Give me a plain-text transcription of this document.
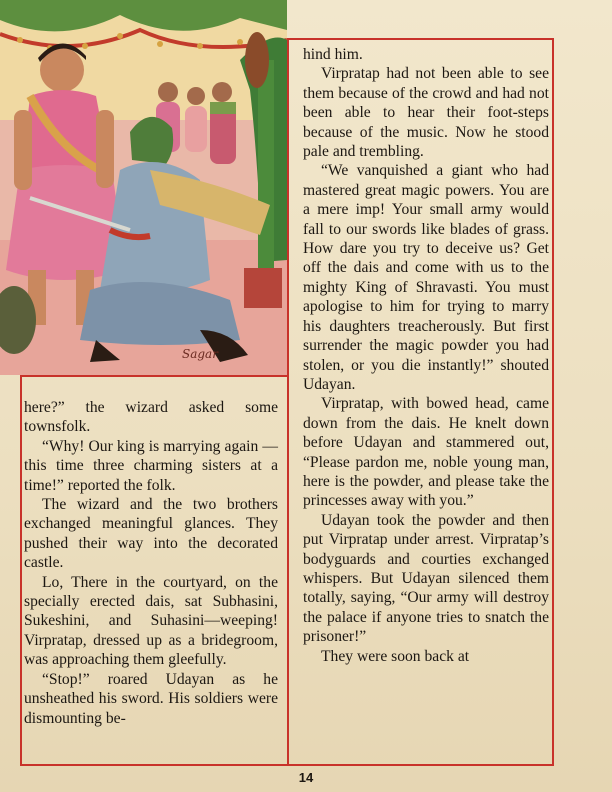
Sagar

here?” the wizard asked some townsfolk.

“Why! Our king is marrying again —this time three charming sisters at a time!” reported the folk.

The wizard and the two brothers exchanged meaningful glances. They pushed their way into the decorated castle.

Lo, There in the courtyard, on the specially erected dais, sat Subhasini, Sukeshini, and Suhasini—weeping! Virpratap, dressed up as a bridegroom, was approaching them gleefully.

“Stop!” roared Udayan as he unsheathed his sword. His soldiers were dismounting be-

hind him.

Virpratap had not been able to see them because of the crowd and had not been able to hear their foot-steps because of the music. Now he stood pale and trembling.

“We vanquished a giant who had mastered great magic powers. You are a mere imp! Your small army would fall to our swords like blades of grass. How dare you try to deceive us? Get off the dais and come with us to the mighty King of Shravasti. You must apologise to him for trying to marry his daughters treacherously. But first surrender the magic powder you had stolen, or you die instantly!” shouted Udayan.

Virpratap, with bowed head, came down from the dais. He knelt down before Udayan and stammered out, “Please pardon me, noble young man, here is the powder, and please take the princesses away with you.”

Udayan took the powder and then put Virpratap under arrest. Virpratap’s bodyguards and courties exchanged whispers. But Udayan silenced them totally, saying, “Our army will destroy the palace if anyone tries to snatch the prisoner!”

They were soon back at

14
